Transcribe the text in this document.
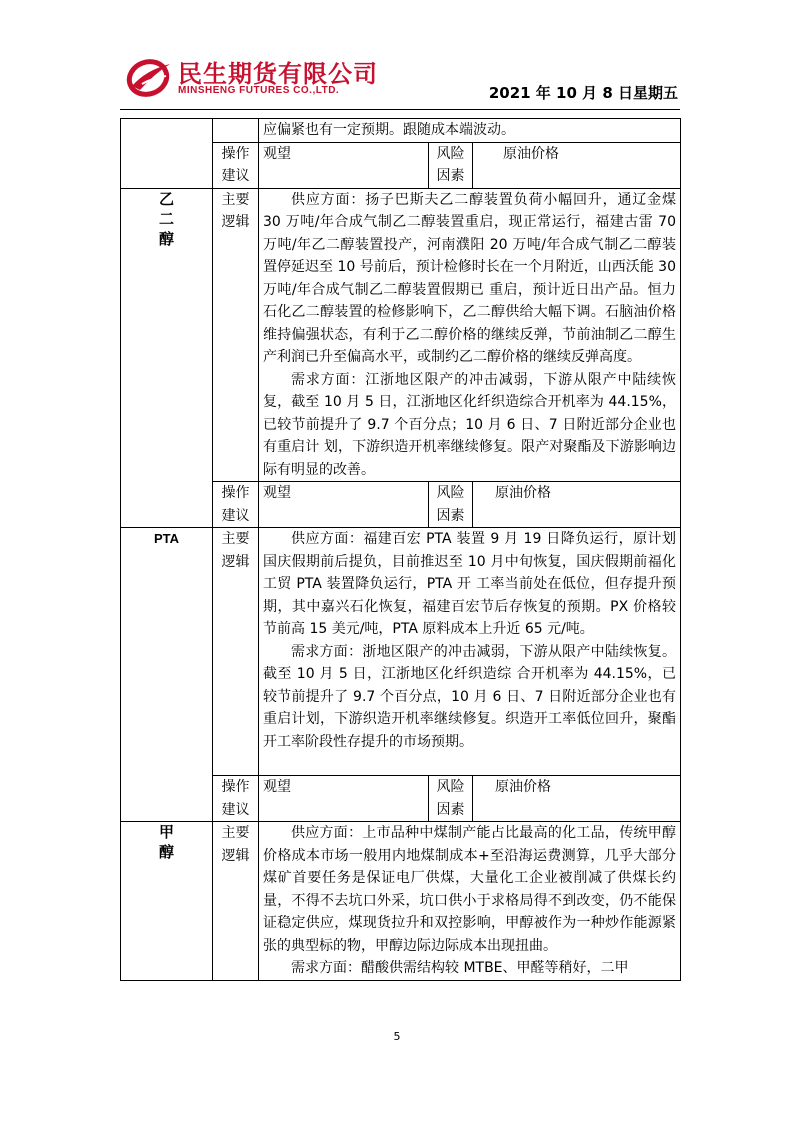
民生期货有限公司
MINSHENG FUTURES CO.,LTD.	2021 年 10 月 8 日星期五

		应偏紧也有一定预期。跟随成本端波动。		

	操作建议	观望	风险因素	原油价格
乙二醇	主要逻辑	供应方面：扬子巴斯夫乙二醇装置负荷小幅回升，通辽金煤 30 万吨/年合成气制乙二醇装置重启，现正常运行，福建古雷 70 万吨/年乙二醇装置投产，河南濮阳 20 万吨/年合成气制乙二醇装置停延迟至 10 号前后，预计检修时长在一个月附近，山西沃能 30 万吨/年合成气制乙二醇装置假期已 重启，预计近日出产品。恒力石化乙二醇装置的检修影响下，乙二醇供给大幅下调。石脑油价格维持偏强状态，有利于乙二醇价格的继续反弹，节前油制乙二醇生产利润已升至偏高水平，或制约乙二醇价格的继续反弹高度。

需求方面：江浙地区限产的冲击减弱，下游从限产中陆续恢复，截至 10 月 5 日，江浙地区化纤织造综合开机率为 44.15%，已较节前提升了 9.7 个百分点；10 月 6 日、7 日附近部分企业也有重启计 划，下游织造开机率继续修复。限产对聚酯及下游影响边际有明显的改善。		

	操作建议	观望	风险因素	原油价格
PTA	主要逻辑	供应方面：福建百宏 PTA 装置 9 月 19 日降负运行，原计划国庆假期前后提负，目前推迟至 10 月中旬恢复，国庆假期前福化工贸 PTA 装置降负运行，PTA 开 工率当前处在低位，但存提升预期，其中嘉兴石化恢复，福建百宏节后存恢复的预期。PX 价格较节前高 15 美元/吨，PTA 原料成本上升近 65 元/吨。

需求方面：浙地区限产的冲击减弱，下游从限产中陆续恢复。截至 10 月 5 日，江浙地区化纤织造综 合开机率为 44.15%，已较节前提升了 9.7 个百分点，10 月 6 日、7 日附近部分企业也有重启计划，下游织造开机率继续修复。织造开工率低位回升，聚酯开工率阶段性存提升的市场预期。		

	操作建议	观望	风险因素	原油价格
甲醇	主要逻辑	供应方面：上市品种中煤制产能占比最高的化工品，传统甲醇价格成本市场一般用内地煤制成本+至沿海运费测算，几乎大部分煤矿首要任务是保证电厂供煤，大量化工企业被削减了供煤长约量，不得不去坑口外采，坑口供小于求格局得不到改变，仍不能保证稳定供应，煤现货拉升和双控影响，甲醇被作为一种炒作能源紧张的典型标的物，甲醇边际边际成本出现扭曲。

需求方面：醋酸供需结构较 MTBE、甲醛等稍好，二甲		

5
